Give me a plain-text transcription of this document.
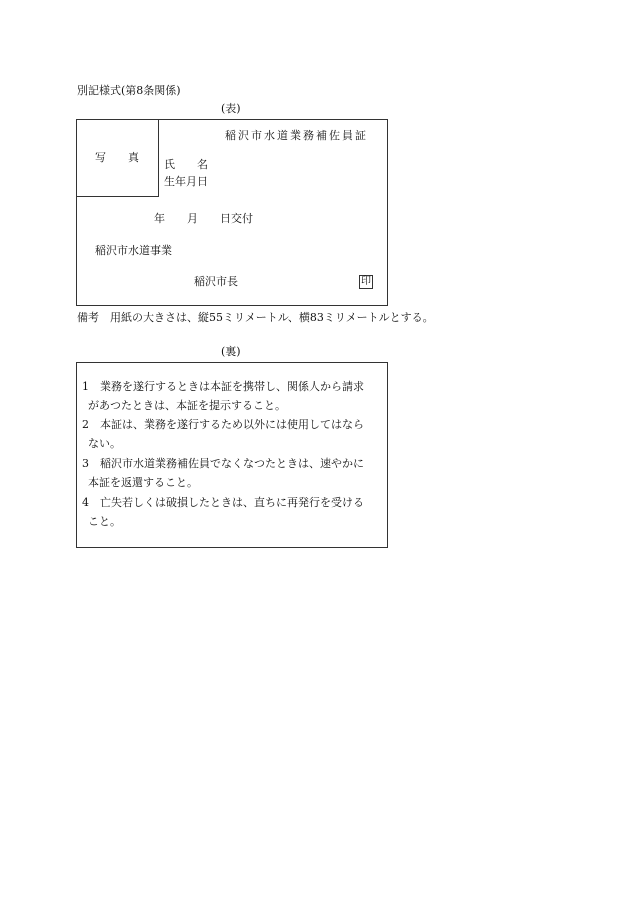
別記様式(第8条関係)
(表)
写　　真
稲沢市水道業務補佐員証
氏　　名
生年月日
年　　月　　日交付
稲沢市水道事業
稲沢市長	印
備考　用紙の大きさは、縦55ミリメートル、横83ミリメートルとする。
(裏)
1 業務を遂行するときは本証を携帯し、関係人から請求
があつたときは、本証を提示すること。
2 本証は、業務を遂行するため以外には使用してはなら
ない。
3 稲沢市水道業務補佐員でなくなつたときは、速やかに
本証を返還すること。
4 亡失若しくは破損したときは、直ちに再発行を受ける
こと。
